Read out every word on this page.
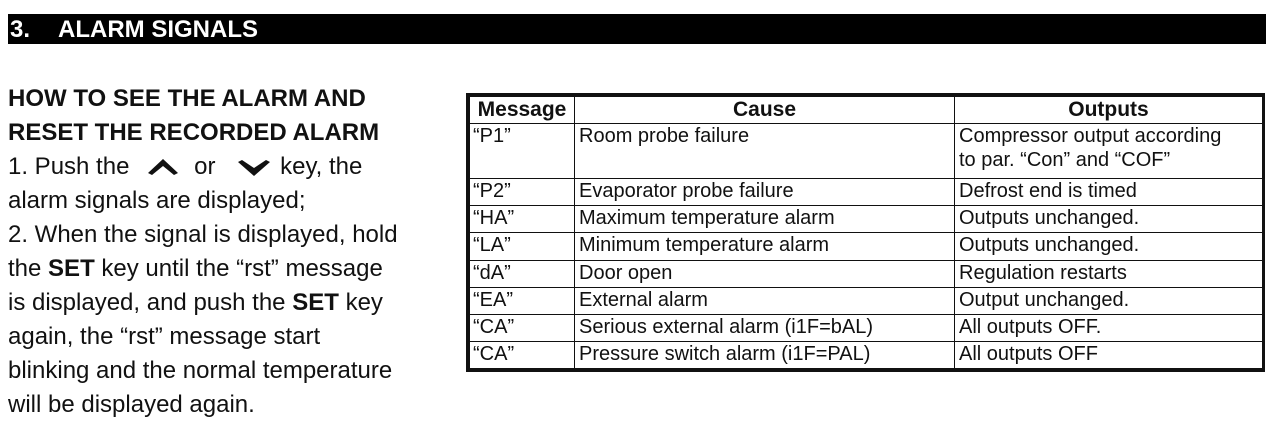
3. ALARM SIGNALS
HOW TO SEE THE ALARM AND
RESET THE RECORDED ALARM
1. Push the	or	key, the
alarm signals are displayed;
2. When the signal is displayed, hold
the SET key until the “rst” message
is displayed, and push the SET key
again, the “rst” message start
blinking and the normal temperature
will be displayed again.
Message	Cause	Outputs
“P1”	Room probe failure	Compressor output according
to par. “Con” and “COF”

“P2”	Evaporator probe failure	Defrost end is timed
“HA”	Maximum temperature alarm	Outputs unchanged.
“LA”	Minimum temperature alarm	Outputs unchanged.
“dA”	Door open	Regulation restarts
“EA”	External alarm	Output unchanged.
“CA”	Serious external alarm (i1F=bAL)	All outputs OFF.
“CA”	Pressure switch alarm (i1F=PAL)	All outputs OFF
